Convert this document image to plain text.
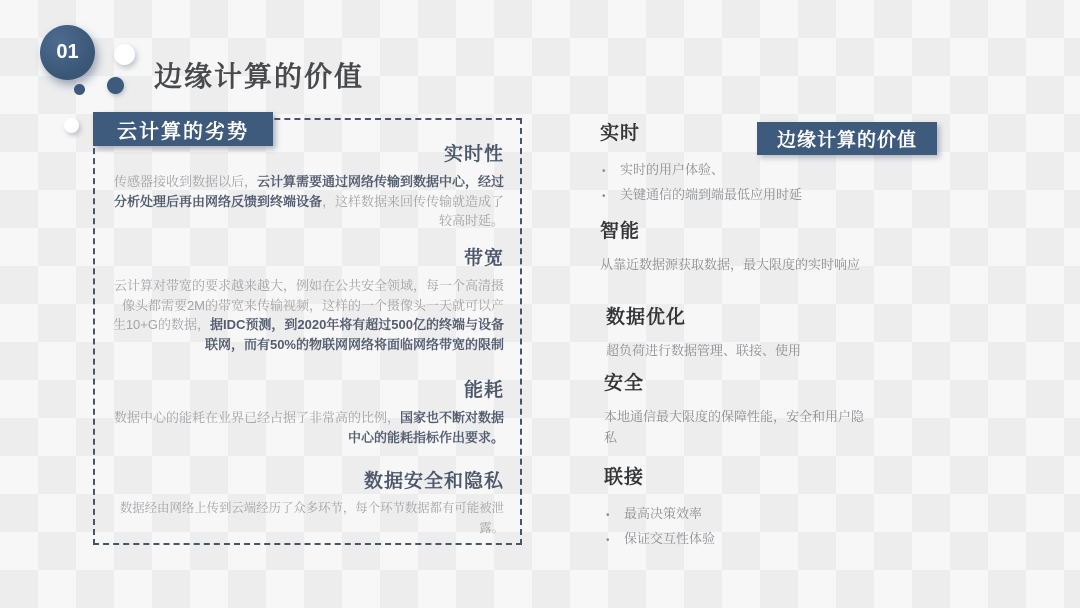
01
边缘计算的价值
云计算的劣势
实时性

传感器接收到数据以后，云计算需要通过网络传输到数据中心，经过分析处理后再由网络反馈到终端设备，这样数据来回传传输就造成了较高时延。

带宽

云计算对带宽的要求越来越大，例如在公共安全领域，每一个高清摄像头都需要2M的带宽来传输视频，这样的一个摄像头一天就可以产生10+G的数据，据IDC预测，到2020年将有超过500亿的终端与设备联网，而有50%的物联网网络将面临网络带宽的限制

能耗

数据中心的能耗在业界已经占据了非常高的比例，国家也不断对数据中心的能耗指标作出要求。

数据安全和隐私

数据经由网络上传到云端经历了众多环节，每个环节数据都有可能被泄露。

边缘计算的价值
实时
•	实时的用户体验、
•	关键通信的端到端最低应用时延
智能

从靠近数据源获取数据，最大限度的实时响应

数据优化

超负荷进行数据管理、联接、使用

安全

本地通信最大限度的保障性能，安全和用户隐私

联接
•	最高决策效率
•	保证交互性体验
